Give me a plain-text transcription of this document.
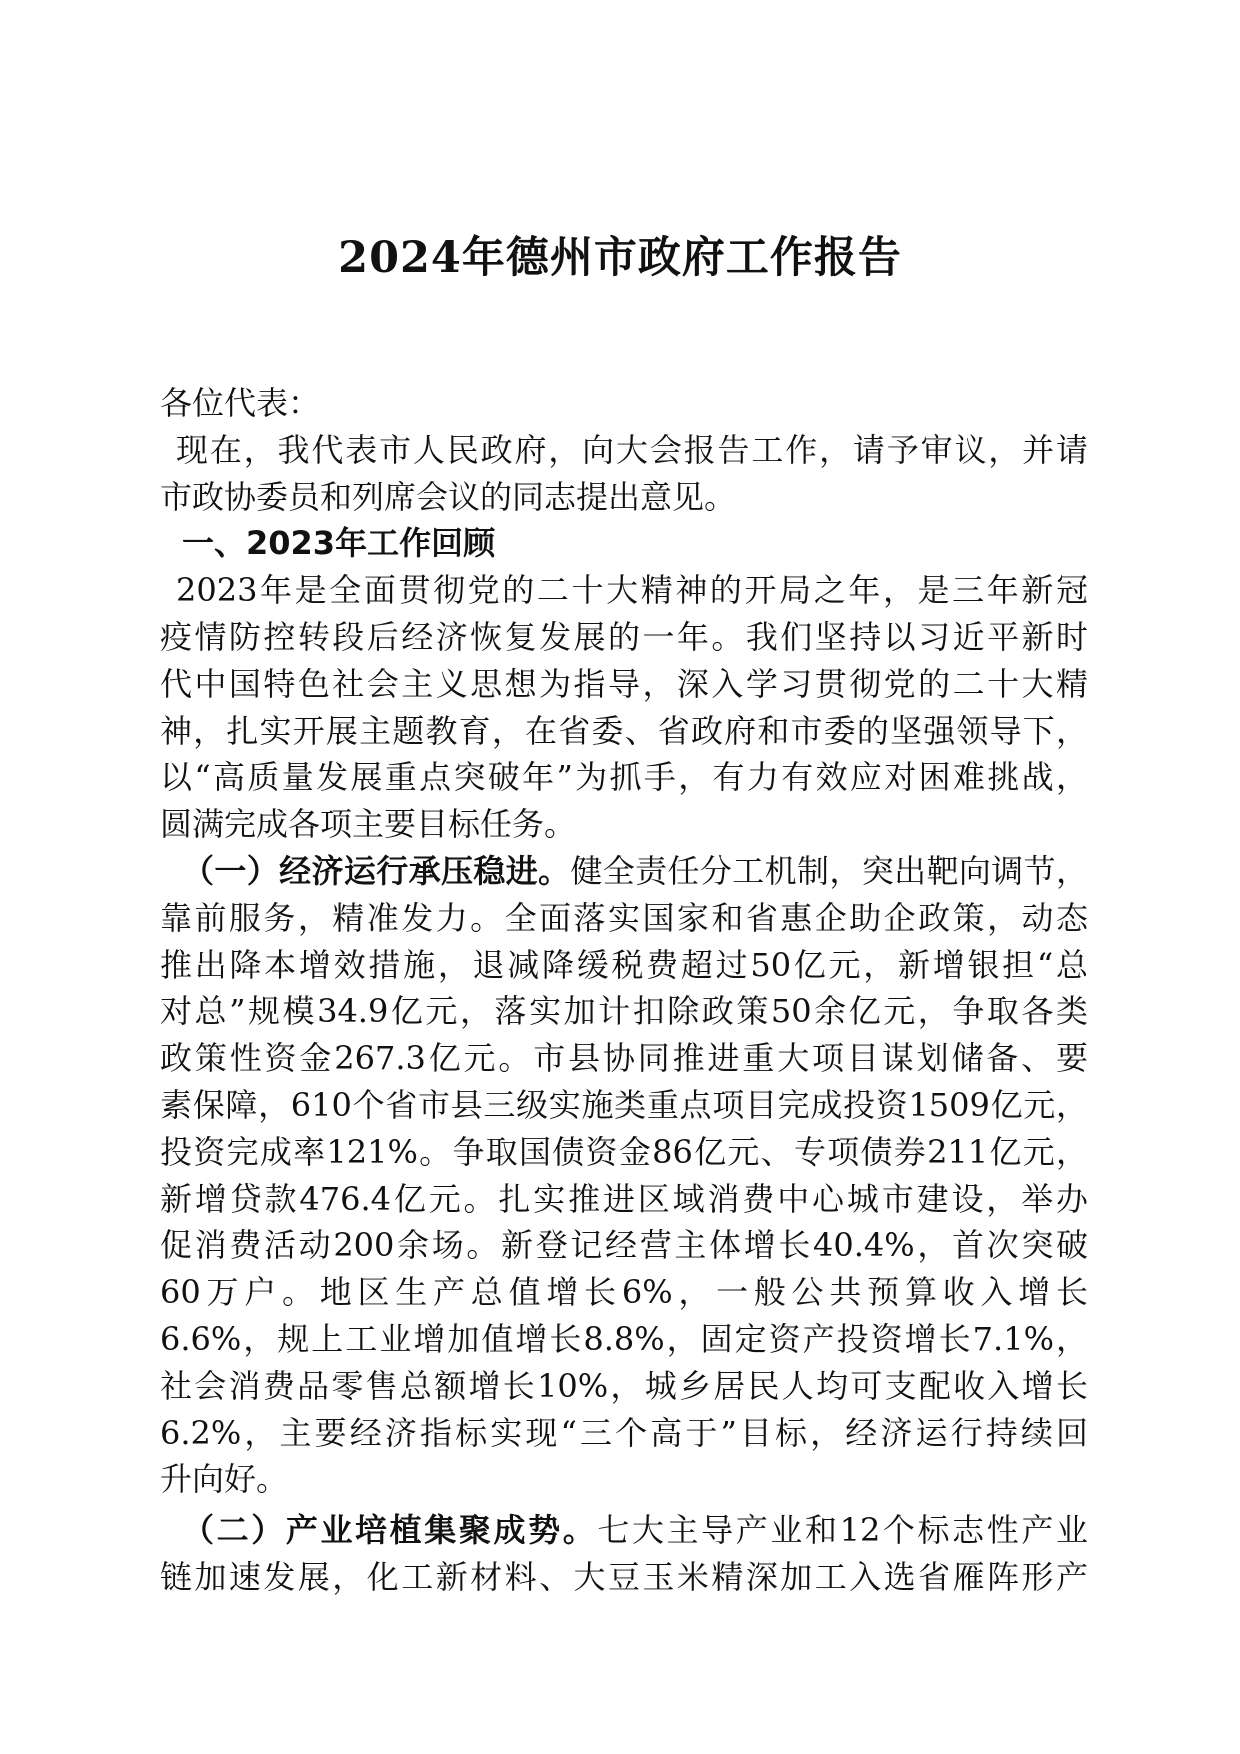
2024年德州市政府工作报告
各位代表：
现在，我代表市人民政府，向大会报告工作，请予审议，并请
市政协委员和列席会议的同志提出意见。
一、2023年工作回顾
2023年是全面贯彻党的二十大精神的开局之年，是三年新冠
疫情防控转段后经济恢复发展的一年。我们坚持以习近平新时
代中国特色社会主义思想为指导，深入学习贯彻党的二十大精
神，扎实开展主题教育，在省委、省政府和市委的坚强领导下，
以“高质量发展重点突破年”为抓手，有力有效应对困难挑战，
圆满完成各项主要目标任务。
（一）经济运行承压稳进。健全责任分工机制，突出靶向调节，
靠前服务，精准发力。全面落实国家和省惠企助企政策，动态
推出降本增效措施，退减降缓税费超过50亿元，新增银担“总
对总”规模34.9亿元，落实加计扣除政策50余亿元，争取各类
政策性资金267.3亿元。市县协同推进重大项目谋划储备、要
素保障，610个省市县三级实施类重点项目完成投资1509亿元，
投资完成率121%。争取国债资金86亿元、专项债券211亿元，
新增贷款476.4亿元。扎实推进区域消费中心城市建设，举办
促消费活动200余场。新登记经营主体增长40.4%，首次突破
60万户。地区生产总值增长6%，一般公共预算收入增长
6.6%，规上工业增加值增长8.8%，固定资产投资增长7.1%，
社会消费品零售总额增长10%，城乡居民人均可支配收入增长
6.2%，主要经济指标实现“三个高于”目标，经济运行持续回
升向好。
（二）产业培植集聚成势。七大主导产业和12个标志性产业
链加速发展，化工新材料、大豆玉米精深加工入选省雁阵形产
